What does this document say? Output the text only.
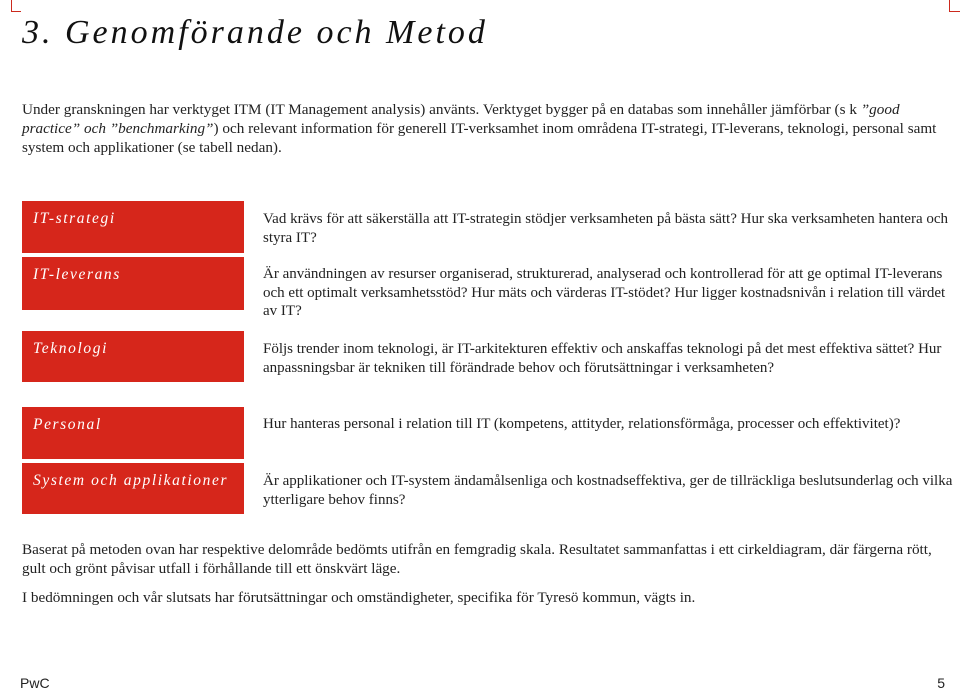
3. Genomförande och Metod

Under granskningen har verktyget ITM (IT Management analysis) använts. Verktyget bygger på en databas som innehåller jämförbar (s k ”good practice” och ”benchmarking”) och relevant information för generell IT-verksamhet inom områdena IT-strategi, IT-leverans, teknologi, personal samt system och applikationer (se tabell nedan).

IT-strategi
IT-leverans
Teknologi
Personal
System och applikationer

Vad krävs för att säkerställa att IT-strategin stödjer verksamheten på bästa sätt? Hur ska verksamheten hantera och styra IT?

Är användningen av resurser organiserad, strukturerad, analyserad och kontrollerad för att ge optimal IT-leverans och ett optimalt verksamhetsstöd? Hur mäts och värderas IT-stödet? Hur ligger kostnadsnivån i relation till värdet av IT?

Följs trender inom teknologi, är IT-arkitekturen effektiv och anskaffas teknologi på det mest effektiva sättet? Hur anpassningsbar är tekniken till förändrade behov och förutsättningar i verksamheten?

Hur hanteras personal i relation till IT (kompetens, attityder, relationsförmåga, processer och effektivitet)?

Är applikationer och IT-system ändamålsenliga och kostnadseffektiva, ger de tillräckliga beslutsunderlag och vilka ytterligare behov finns?

Baserat på metoden ovan har respektive delområde bedömts utifrån en femgradig skala. Resultatet sammanfattas i ett cirkeldiagram, där färgerna rött, gult och grönt påvisar utfall i förhållande till ett önskvärt läge.

I bedömningen och vår slutsats har förutsättningar och omständigheter, specifika för Tyresö kommun, vägts in.

PwC	5
